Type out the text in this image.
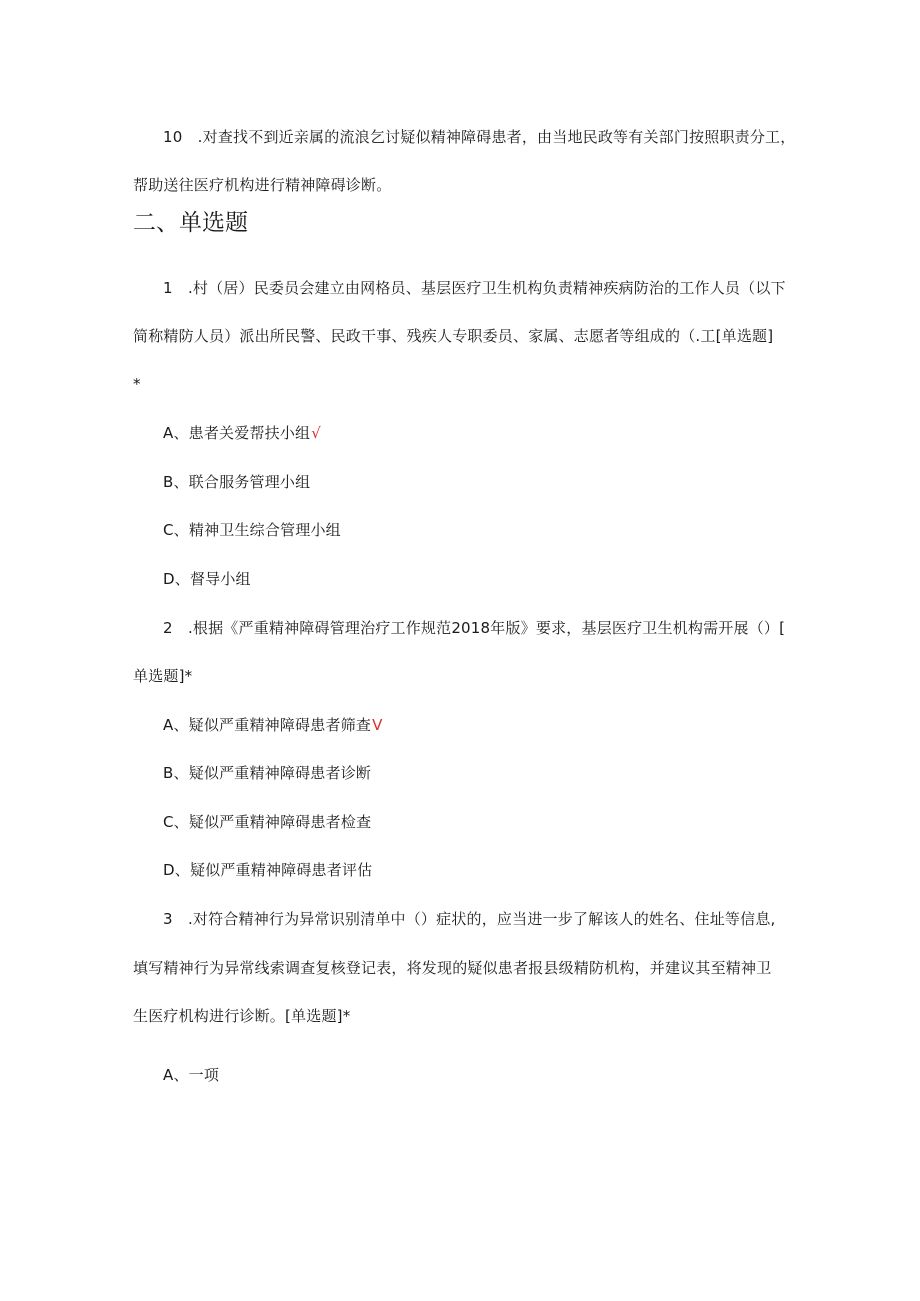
10　.对查找不到近亲属的流浪乞讨疑似精神障碍患者，由当地民政等有关部门按照职责分工，
帮助送往医疗机构进行精神障碍诊断。
二、单选题
1　.村（居）民委员会建立由网格员、基层医疗卫生机构负责精神疾病防治的工作人员（以下
简称精防人员）派出所民警、民政干事、残疾人专职委员、家属、志愿者等组成的（.工[单选题]
*
A、患者关爱帮扶小组√
B、联合服务管理小组
C、精神卫生综合管理小组
D、督导小组
2　.根据《严重精神障碍管理治疗工作规范2018年版》要求，基层医疗卫生机构需开展（）[
单选题]*
A、疑似严重精神障碍患者筛查V
B、疑似严重精神障碍患者诊断
C、疑似严重精神障碍患者检查
D、疑似严重精神障碍患者评估
3　.对符合精神行为异常识别清单中（）症状的，应当进一步了解该人的姓名、住址等信息,
填写精神行为异常线索调查复核登记表，将发现的疑似患者报县级精防机构，并建议其至精神卫
生医疗机构进行诊断。[单选题]*
A、一项
